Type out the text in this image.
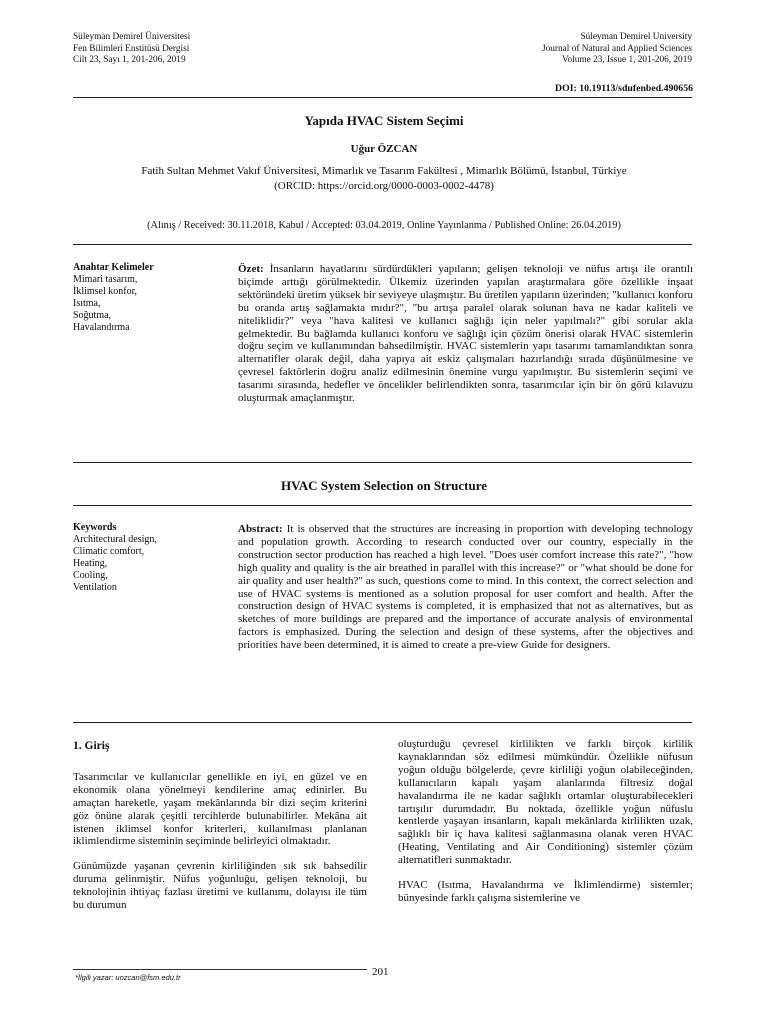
Süleyman Demirel Üniversitesi
Fen Bilimleri Enstitüsü Dergisi
Cilt 23, Sayı 1, 201-206, 2019
Süleyman Demirel University
Journal of Natural and Applied Sciences
Volume 23, Issue 1, 201-206, 2019
DOI: 10.19113/sdufenbed.490656
Yapıda HVAC Sistem Seçimi
Uğur ÖZCAN
Fatih Sultan Mehmet Vakıf Üniversitesi, Mimarlık ve Tasarım Fakültesi , Mimarlık Bölümü, İstanbul, Türkiye
(ORCID: https://orcid.org/0000-0003-0002-4478)
(Alınış / Received: 30.11.2018, Kabul / Accepted: 03.04.2019, Online Yayınlanma / Published Online: 26.04.2019)
Anahtar Kelimeler
Mimari tasarım,
İklimsel konfor,
Isıtma,
Soğutma,
Havalandırma
Özet: İnsanların hayatlarını sürdürdükleri yapıların; gelişen teknoloji ve nüfus artışı ile orantılı biçimde arttığı görülmektedir. Ülkemiz üzerinden yapılan araştırmalara göre özellikle inşaat sektöründeki üretim yüksek bir seviyeye ulaşmıştır. Bu üretilen yapıların üzerinden; "kullanıcı konforu bu oranda artış sağlamakta mıdır?", "bu artışa paralel olarak solunan hava ne kadar kaliteli ve niteliklidir?" veya "hava kalitesi ve kullanıcı sağlığı için neler yapılmalı?" gibi sorular akla gelmektedir. Bu bağlamda kullanıcı konforu ve sağlığı için çözüm önerisi olarak HVAC sistemlerin doğru seçim ve kullanımından bahsedilmiştir. HVAC sistemlerin yapı tasarımı tamamlandıktan sonra alternatifler olarak değil, daha yapıya ait eskiz çalışmaları hazırlandığı sırada düşünülmesine ve çevresel faktörlerin doğru analiz edilmesinin önemine vurgu yapılmıştır. Bu sistemlerin seçimi ve tasarımı sırasında, hedefler ve öncelikler belirlendikten sonra, tasarımcılar için bir ön görü kılavuzu oluşturmak amaçlanmıştır.
HVAC System Selection on Structure
Keywords
Architectural design,
Climatic comfort,
Heating,
Cooling,
Ventilation
Abstract: It is observed that the structures are increasing in proportion with developing technology and population growth. According to research conducted over our country, especially in the construction sector production has reached a high level. "Does user comfort increase this rate?", "how high quality and quality is the air breathed in parallel with this increase?" or "what should be done for air quality and user health?" as such, questions come to mind. In this context, the correct selection and use of HVAC systems is mentioned as a solution proposal for user comfort and health. After the construction design of HVAC systems is completed, it is emphasized that not as alternatives, but as sketches of more buildings are prepared and the importance of accurate analysis of environmental factors is emphasized. During the selection and design of these systems, after the objectives and priorities have been determined, it is aimed to create a pre-view Guide for designers.

1. Giriş

Tasarımcılar ve kullanıcılar genellikle en iyi, en güzel ve en ekonomik olana yönelmeyi kendilerine amaç edinirler. Bu amaçtan hareketle, yaşam mekânlarında bir dizi seçim kriterini göz önüne alarak çeşitli tercihlerde bulunabilirler. Mekâna ait istenen iklimsel konfor kriterleri, kullanılması planlanan iklimlendirme sisteminin seçiminde belirleyici olmaktadır.

Günümüzde yaşanan çevrenin kirliliğinden sık sık bahsedilir duruma gelinmiştir. Nüfus yoğunluğu, gelişen teknoloji, bu teknolojinin ihtiyaç fazlası üretimi ve kullanımı, dolayısı ile tüm bu durumun

oluşturduğu çevresel kirlilikten ve farklı birçok kirlilik kaynaklarından söz edilmesi mümkündür. Özellikle nüfusun yoğun olduğu bölgelerde, çevre kirliliği yoğun olabileceğinden, kullanıcıların kapalı yaşam alanlarında filtresiz doğal havalandırma ile ne kadar sağlıklı ortamlar oluşturabilecekleri tartışılır durumdadır. Bu noktada, özellikle yoğun nüfuslu kentlerde yaşayan insanların, kapalı mekânlarda kirlilikten uzak, sağlıklı bir iç hava kalitesi sağlanmasına olanak veren HVAC (Heating, Ventilating and Air Conditioning) sistemler çözüm alternatifleri sunmaktadır.

HVAC (Isıtma, Havalandırma ve İklimlendirme) sistemler; bünyesinde farklı çalışma sistemlerine ve

*İlgili yazar: uozcan@fsm.edu.tr	201
